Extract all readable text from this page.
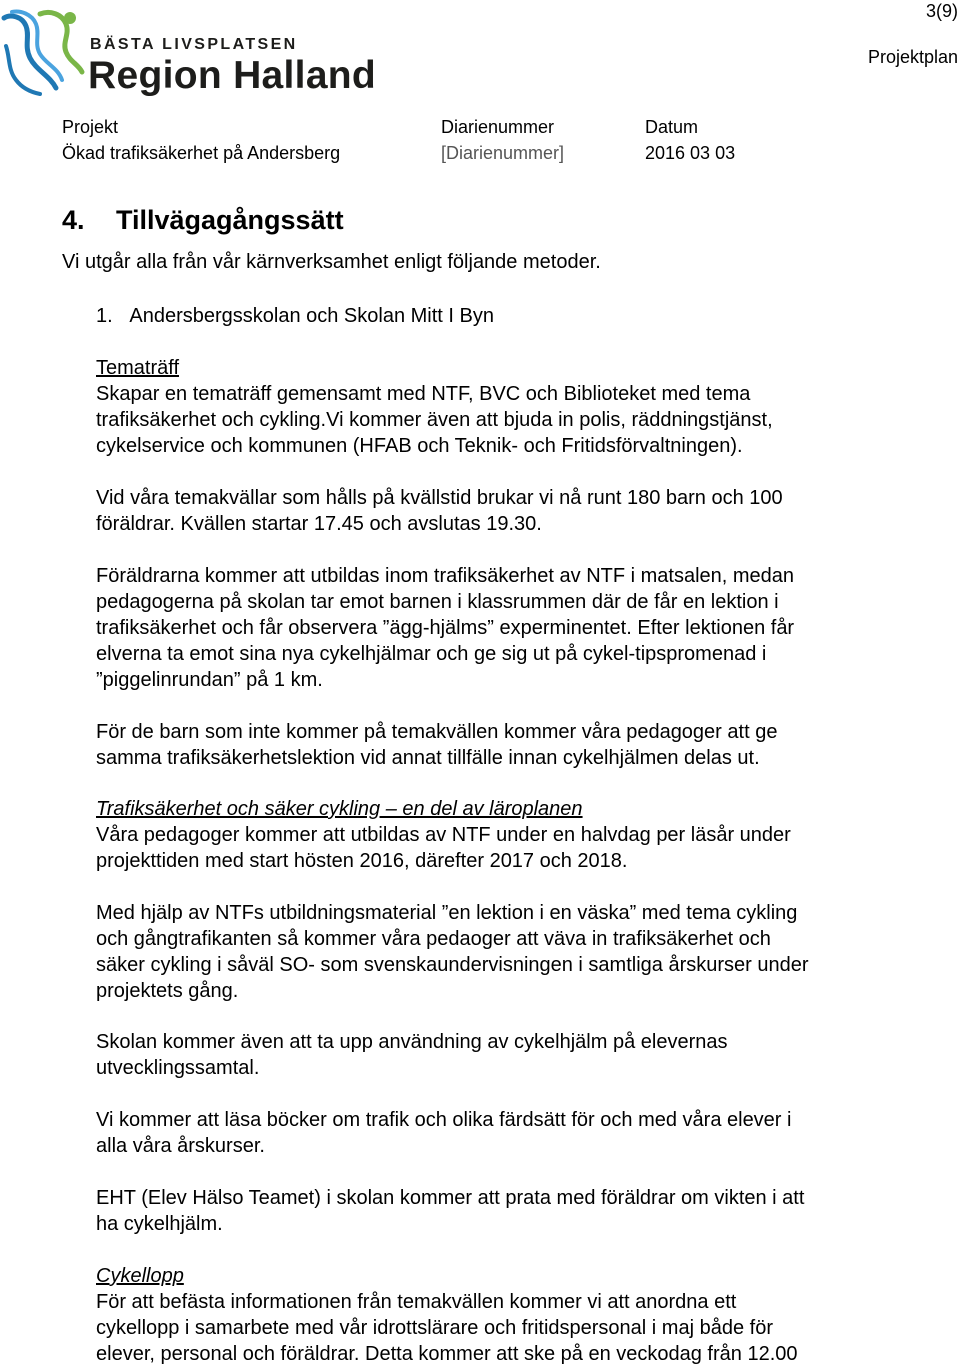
3(9)
BÄSTA LIVSPLATSEN
Region Halland	Projektplan
Projekt
Ökad trafiksäkerhet på Andersberg
Diarienummer
[Diarienummer]
Datum
2016 03 03
4. Tillvägagångssätt
Vi utgår alla från vår kärnverksamhet enligt följande metoder.
1. Andersbergsskolan och Skolan Mitt I Byn
Tematräff
Skapar en tematräff gemensamt med NTF, BVC och Biblioteket med tema
trafiksäkerhet och cykling.Vi kommer även att bjuda in polis, räddningstjänst,
cykelservice och kommunen (HFAB och Teknik- och Fritidsförvaltningen).
Vid våra temakvällar som hålls på kvällstid brukar vi nå runt 180 barn och 100
föräldrar. Kvällen startar 17.45 och avslutas 19.30.
Föräldrarna kommer att utbildas inom trafiksäkerhet av NTF i matsalen, medan
pedagogerna på skolan tar emot barnen i klassrummen där de får en lektion i
trafiksäkerhet och får observera ”ägg-hjälms” experminentet. Efter lektionen får
elverna ta emot sina nya cykelhjälmar och ge sig ut på cykel-tipspromenad i
”piggelinrundan” på 1 km.
För de barn som inte kommer på temakvällen kommer våra pedagoger att ge
samma trafiksäkerhetslektion vid annat tillfälle innan cykelhjälmen delas ut.
Trafiksäkerhet och säker cykling – en del av läroplanen
Våra pedagoger kommer att utbildas av NTF under en halvdag per läsår under
projekttiden med start hösten 2016, därefter 2017 och 2018.
Med hjälp av NTFs utbildningsmaterial ”en lektion i en väska” med tema cykling
och gångtrafikanten så kommer våra pedaoger att väva in trafiksäkerhet och
säker cykling i såväl SO- som svenskaundervisningen i samtliga årskurser under
projektets gång.
Skolan kommer även att ta upp användning av cykelhjälm på elevernas
utvecklingssamtal.
Vi kommer att läsa böcker om trafik och olika färdsätt för och med våra elever i
alla våra årskurser.
EHT (Elev Hälso Teamet) i skolan kommer att prata med föräldrar om vikten i att
ha cykelhjälm.
Cykellopp
För att befästa informationen från temakvällen kommer vi att anordna ett
cykellopp i samarbete med vår idrottslärare och fritidspersonal i maj både för
elever, personal och föräldrar. Detta kommer att ske på en veckodag från 12.00
